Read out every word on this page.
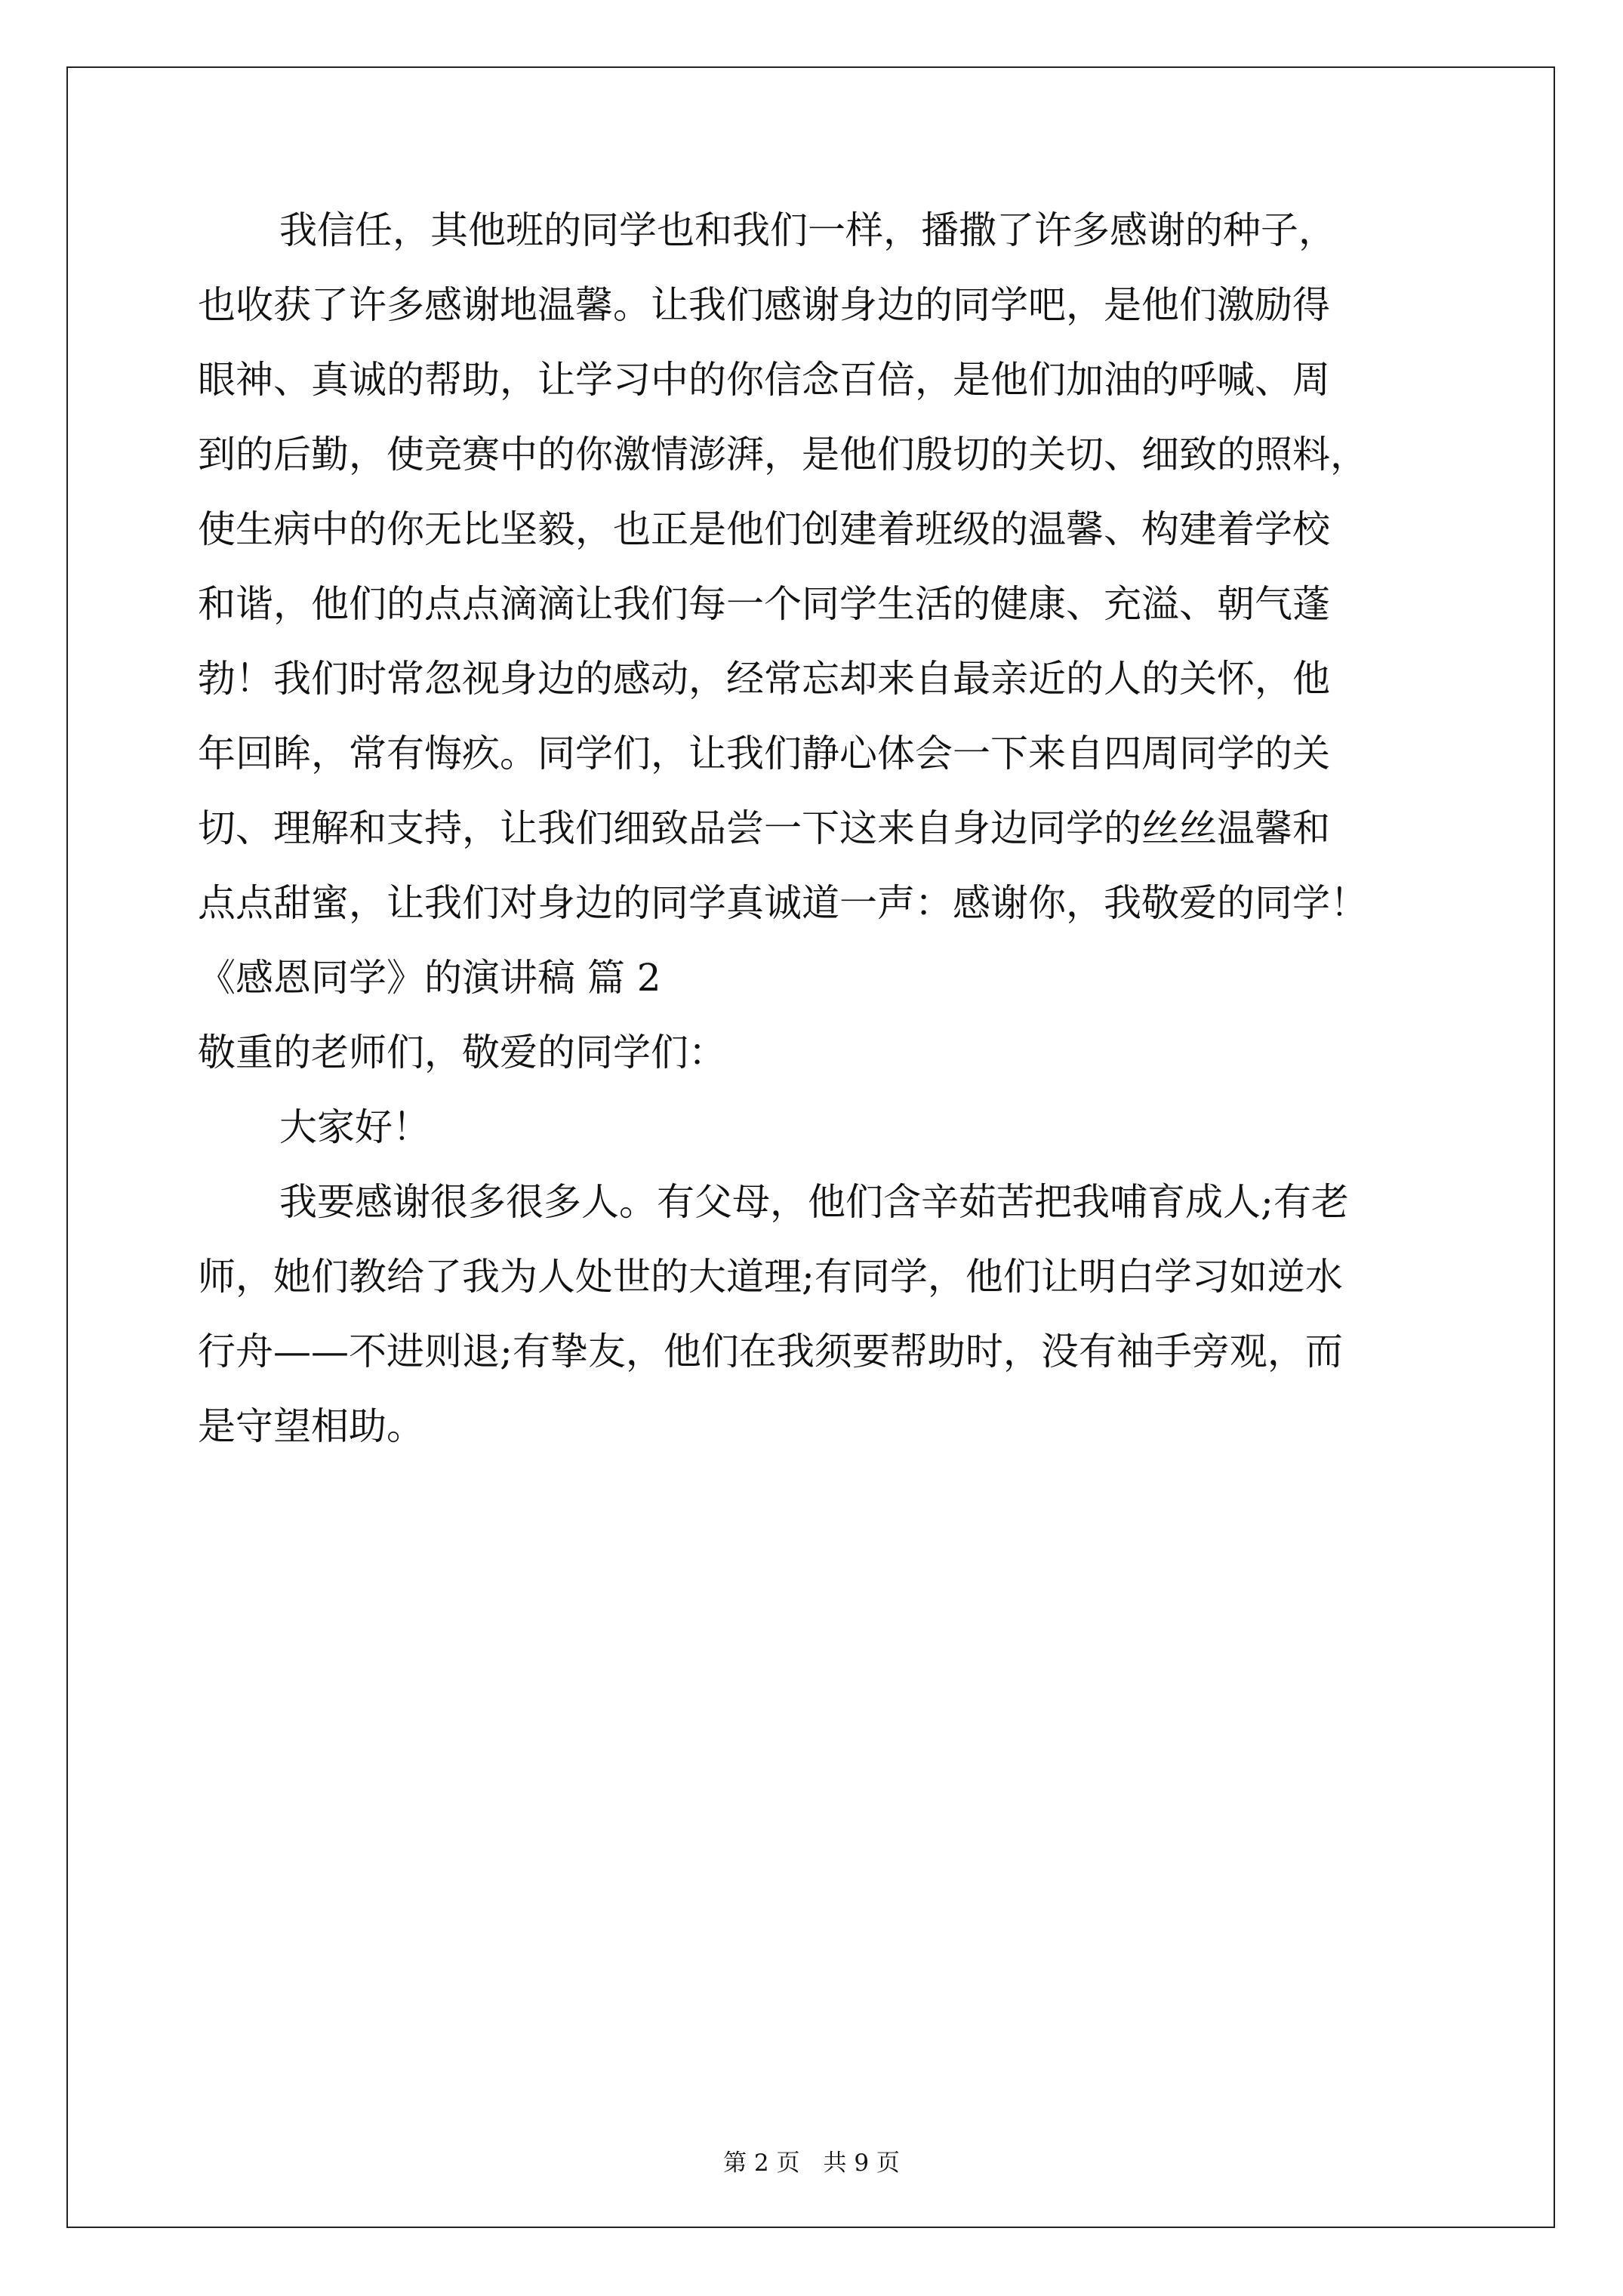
我信任，其他班的同学也和我们一样，播撒了许多感谢的种子，
也收获了许多感谢地温馨。让我们感谢身边的同学吧，是他们激励得
眼神、真诚的帮助，让学习中的你信念百倍，是他们加油的呼喊、周
到的后勤，使竞赛中的你激情澎湃，是他们殷切的关切、细致的照料，
使生病中的你无比坚毅，也正是他们创建着班级的温馨、构建着学校
和谐，他们的点点滴滴让我们每一个同学生活的健康、充溢、朝气蓬
勃！我们时常忽视身边的感动，经常忘却来自最亲近的人的关怀，他
年回眸，常有悔疚。同学们，让我们静心体会一下来自四周同学的关
切、理解和支持，让我们细致品尝一下这来自身边同学的丝丝温馨和
点点甜蜜，让我们对身边的同学真诚道一声：感谢你，我敬爱的同学！
《感恩同学》的演讲稿 篇 2
敬重的老师们，敬爱的同学们：
大家好！
我要感谢很多很多人。有父母，他们含辛茹苦把我哺育成人;有老
师，她们教给了我为人处世的大道理;有同学，他们让明白学习如逆水
行舟——不进则退;有挚友，他们在我须要帮助时，没有袖手旁观，而
是守望相助。
第 2 页　共 9 页
